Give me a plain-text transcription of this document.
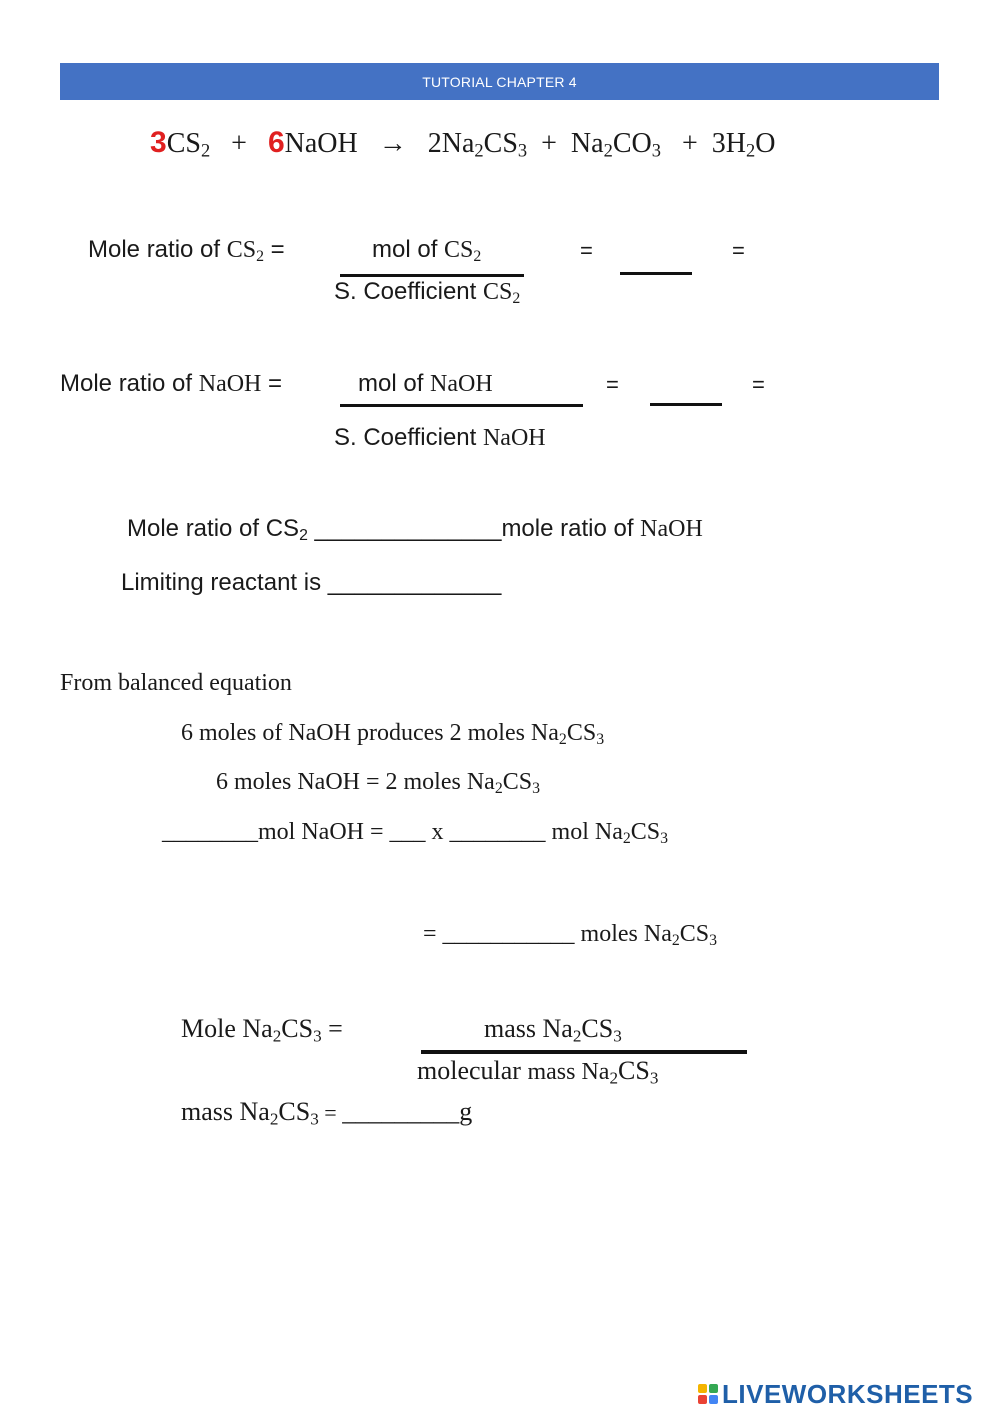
TUTORIAL CHAPTER 4
$3CS_2$ + 6NaOH → $2Na_2CS_3 + Na_2CO_3 + 3H_2O$
Mole ratio of $CS_2$ =	mol of $CS_2$
S. Coefficient $CS_2$
=	=
Mole ratio of NaOH =	mol of NaOH
S. Coefficient NaOH
=	=
Mole ratio of $CS_2$ ______________mole ratio of NaOH
Limiting reactant is _____________
From balanced equation
6 moles of NaOH produces 2 moles $Na_2CS_3$
6 moles NaOH = 2 moles $Na_2CS_3$
________mol NaOH = ___ x ________ mol $Na_2CS_3$
= ___________ moles $Na_2CS_3$
Mole $Na_2CS_3$ =	mass $Na_2CS_3$
molecular mass $Na_2CS_3$
mass $Na_2CS_3$ = _________g
LIVEWORKSHEETS
